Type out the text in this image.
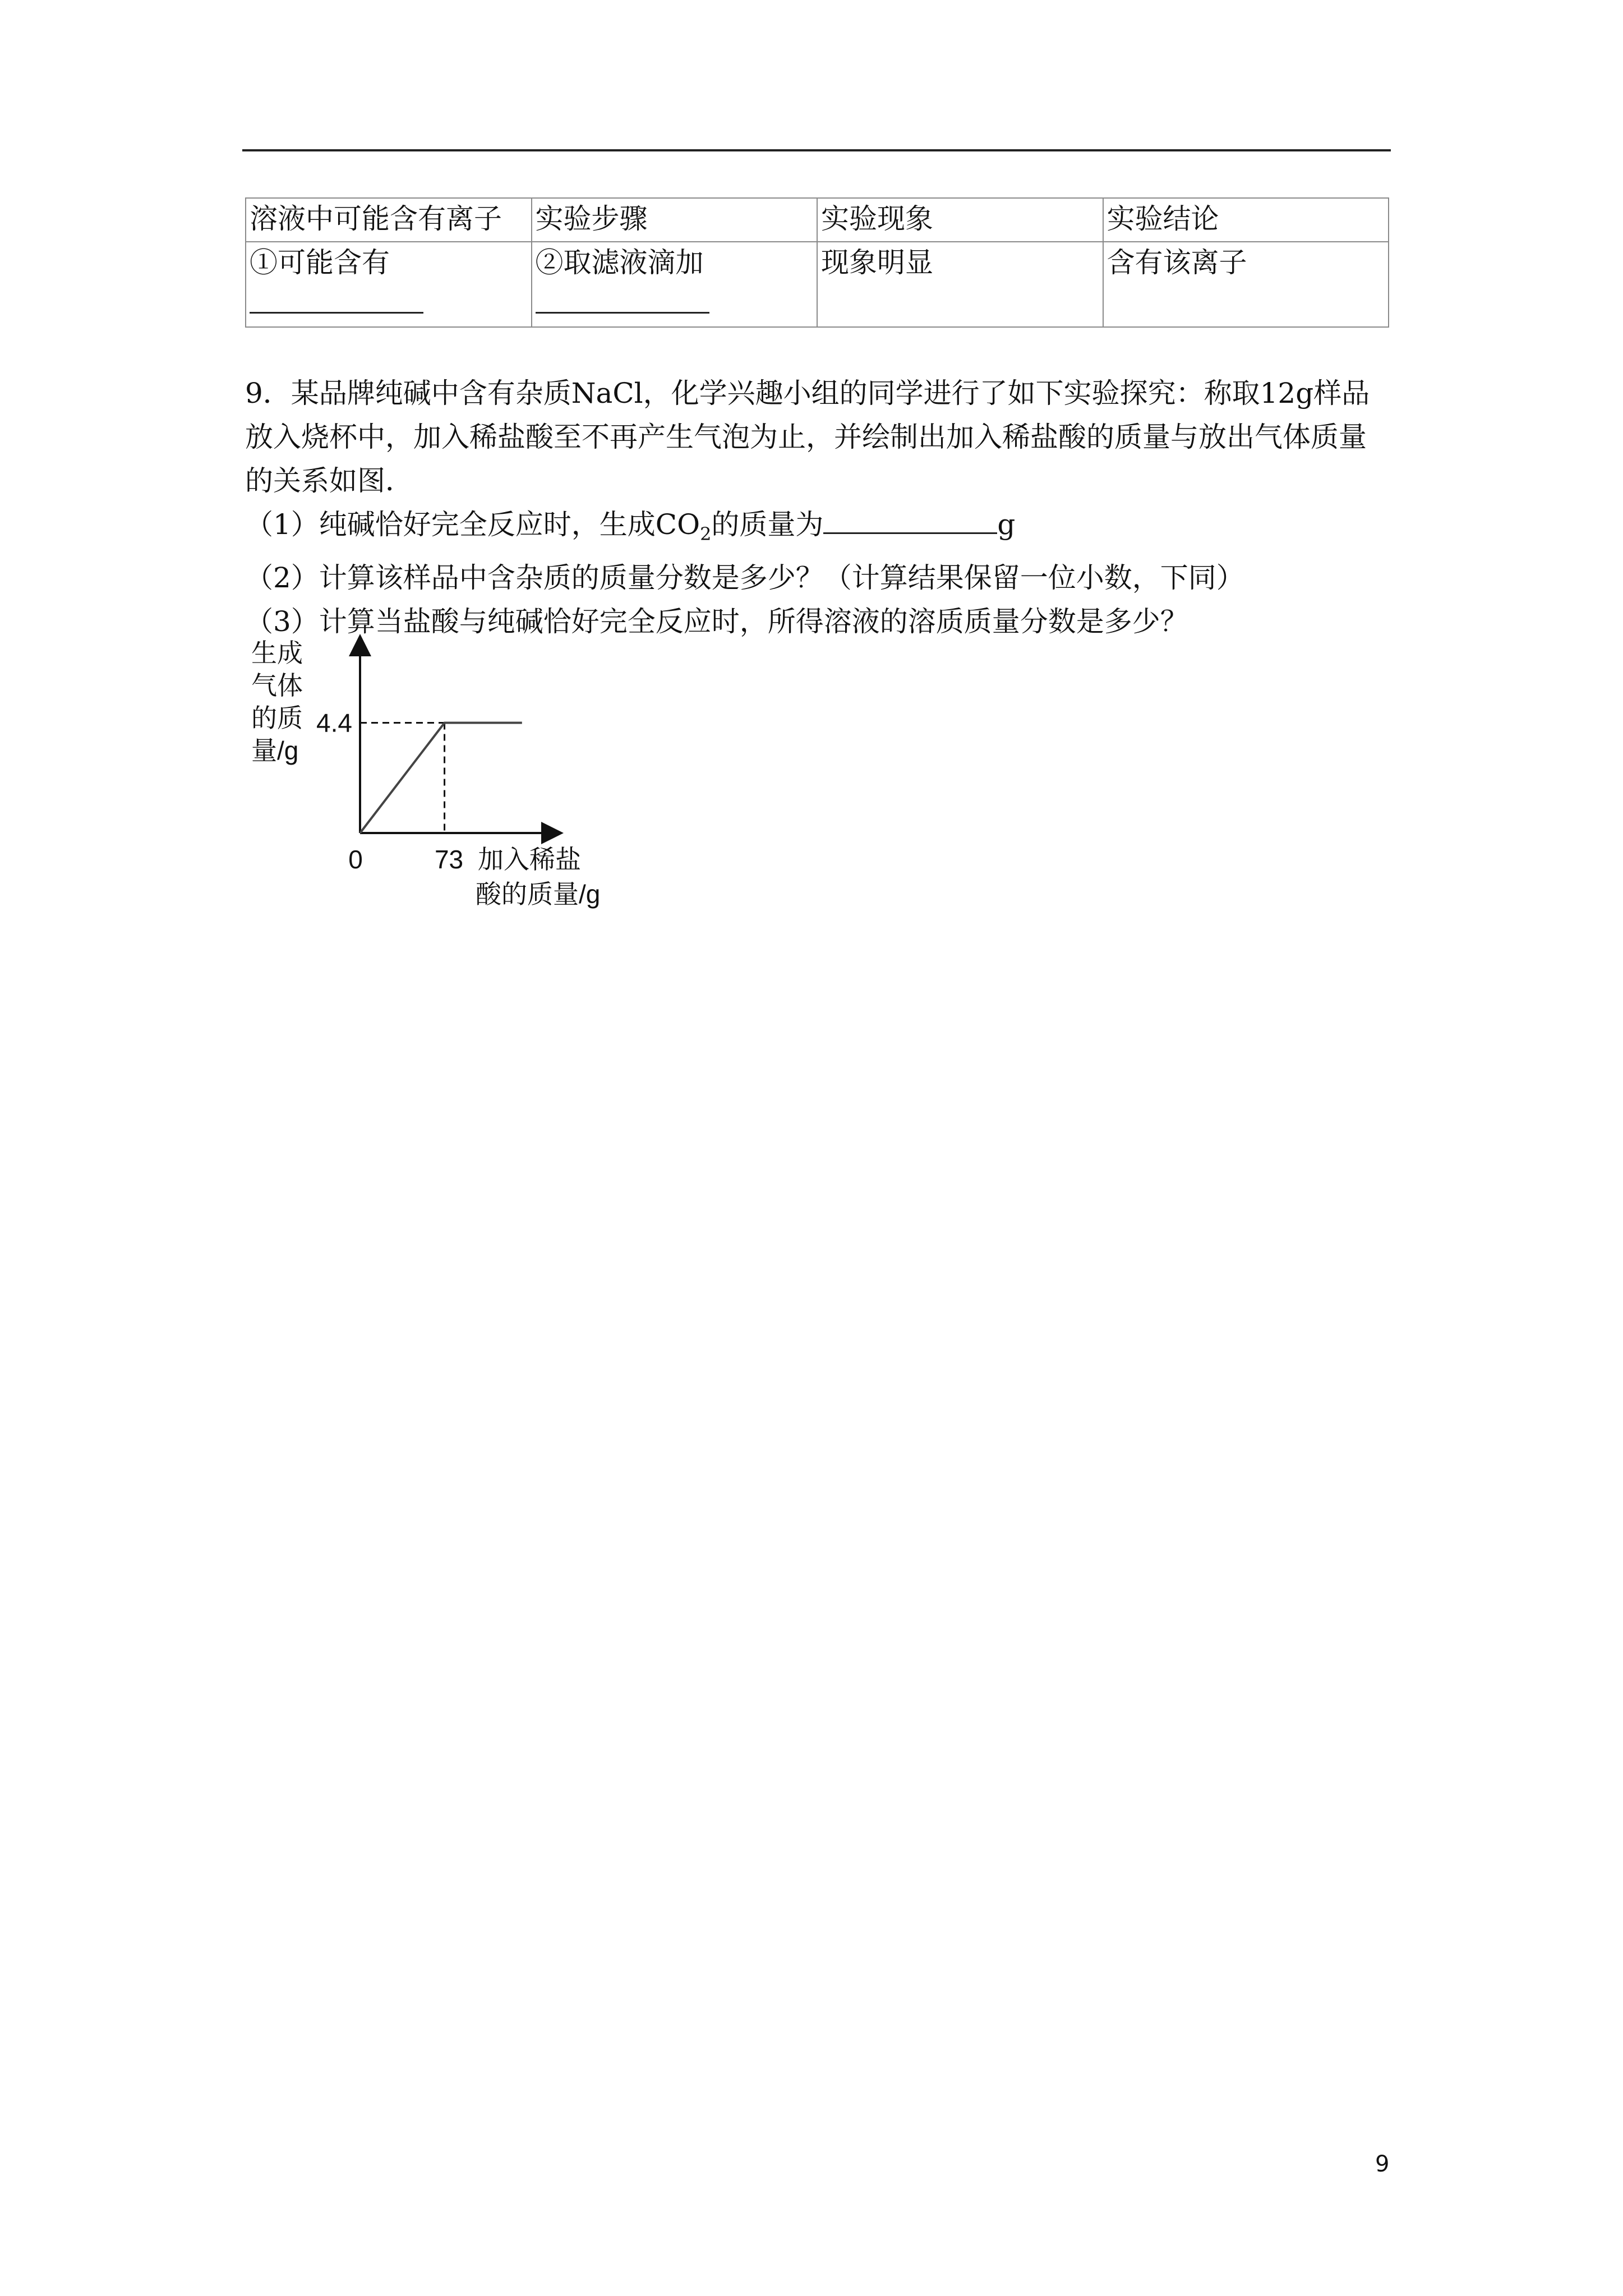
溶液中可能含有离子	实验步骤	实验现象	实验结论
①可能含有	②取滤液滴加	现象明显	含有该离子

9．某品牌纯碱中含有杂质NaCl，化学兴趣小组的同学进行了如下实验探究：称取12g样品

放入烧杯中，加入稀盐酸至不再产生气泡为止，并绘制出加入稀盐酸的质量与放出气体质量

的关系如图．

（1）纯碱恰好完全反应时，生成$CO_2$的质量为	g

（2）计算该样品中含杂质的质量分数是多少？（计算结果保留一位小数，下同）

（3）计算当盐酸与纯碱恰好完全反应时，所得溶液的溶质质量分数是多少？

生成
气体
的质
量/g
4.4
0	73 加入稀盐
酸的质量/g
9
